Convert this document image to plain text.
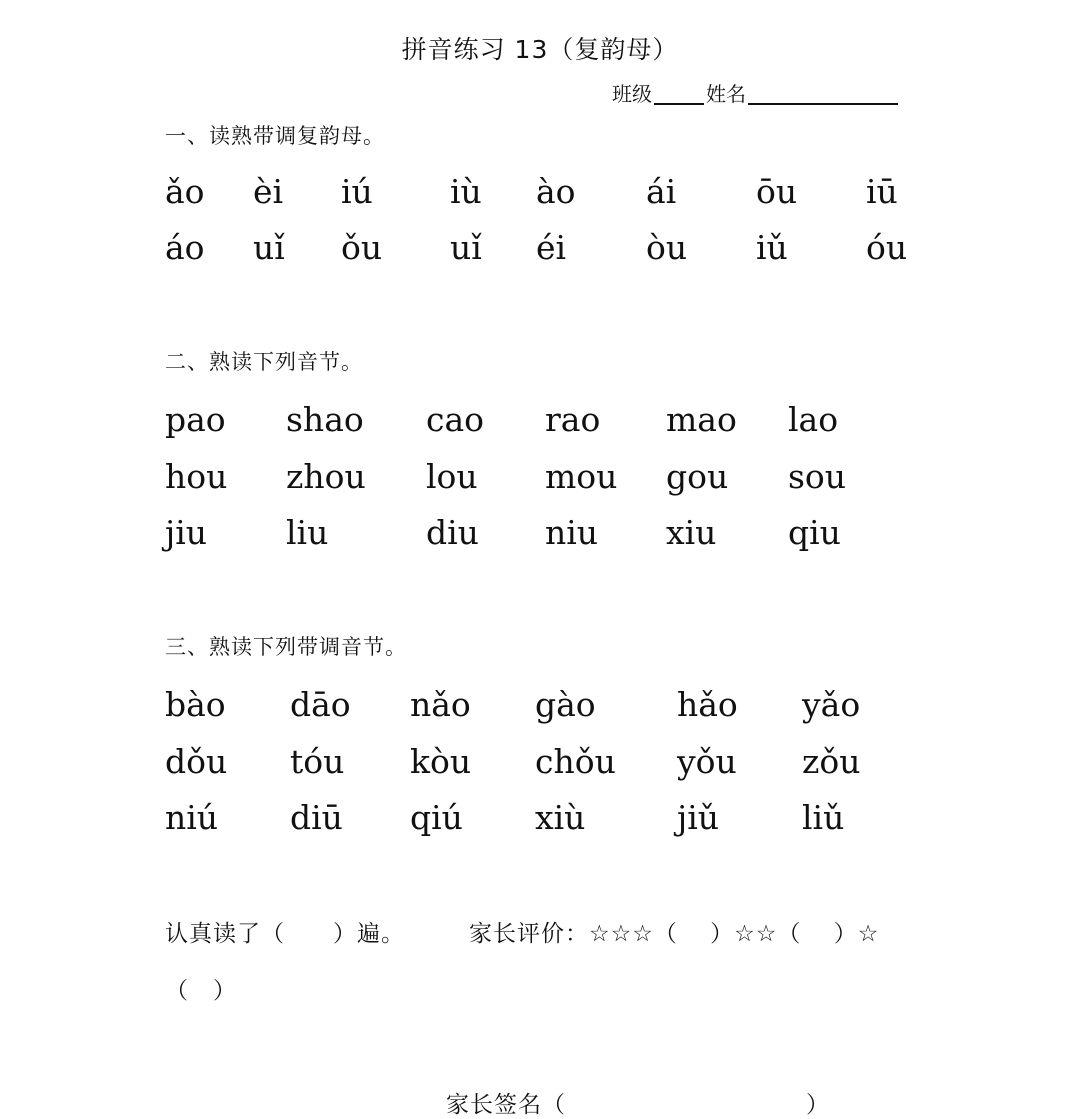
拼音练习 13（复韵母）
班级	姓名
一、读熟带调复韵母。
ǎo èi iú iù ào ái ōu iū
áo uǐ ǒu uǐ éi òu iǔ óu
二、熟读下列音节。
pao shao cao rao mao lao
hou zhou lou mou gou sou
jiu liu	diu niu xiu qiu
三、熟读下列带调音节。
bào dāo nǎo gào hǎo yǎo
dǒu tóu kòu chǒu yǒu zǒu
niú diū qiú xiù	jiǔ	liǔ
认真读了（　　）遍。	家长评价：☆☆☆（　 ）☆☆（　 ）☆
（　）
家长签名（　　　　　　　　　　）
